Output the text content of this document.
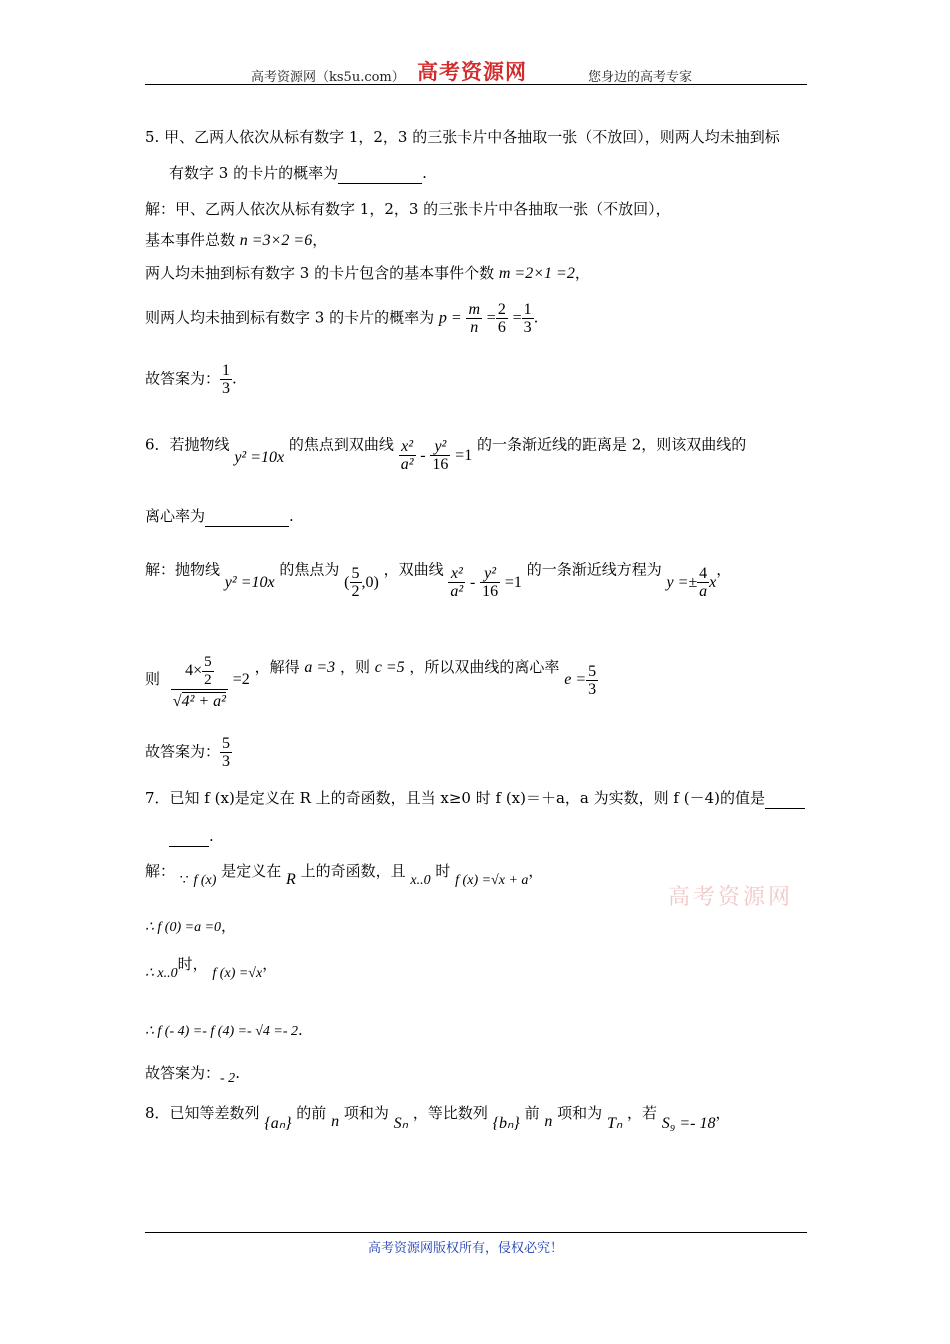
高考资源网（ks5u.com） 高考资源网	您身边的高考专家
5. 甲、乙两人依次从标有数字 1，2，3 的三张卡片中各抽取一张（不放回），则两人均未抽到标
有数字 3 的卡片的概率为	.
解：甲、乙两人依次从标有数字 1，2，3 的三张卡片中各抽取一张（不放回），
基本事件总数 n =3×2 =6，
两人均未抽到标有数字 3 的卡片包含的基本事件个数 m =2×1 =2，
则两人均未抽到标有数字 3 的卡片的概率为 $p = \frac{m}{n} = \frac{2}{6} = \frac{1}{3}$ .
故答案为： $\frac{1}{3}$ .
6．若抛物线 y² =10x 的焦点到双曲线 $\frac{\text{x²}}{\text{a²}} - \frac{\text{y²}}{16} =1$ 的一条渐近线的距离是 2，则该双曲线的
离心率为	.
解：抛物线 y² =10x 的焦点为 ( $\frac{5}{2} ,0$) ，双曲线 $\frac{\text{x²}}{\text{a²}} - \frac{\text{y²}}{16} =1$ 的一条渐近线方程为 $y =\pm \frac{4}{a}$ x，
则 $\frac{4\times \frac{5}{2}}{\text{√4² + a²}} =2$ ，解得 a =3 ，则 c =5 ，所以双曲线的离心率 $e = \frac{5}{3}$
故答案为： $\frac{5}{3}$
7．已知 f (x)是定义在 R 上的奇函数，且当 x≥0 时 f (x)＝＋a，a 为实数，则 f (－4)的值是
.
解： ∵ f (x) 是定义在 R 上的奇函数，且 x..0 时 f (x) =√x + a，
高考资源网
∴ f (0) =a =0，
∴ x..0时， f (x) =√x，
∴ f (- 4) =- f (4) =- √4 =- 2.
故答案为：- 2.
8．已知等差数列 {aₙ} 的前 n 项和为 Sₙ ，等比数列 {bₙ} 前 n 项和为 Tₙ ，若 S₉ =- 18，
高考资源网版权所有，侵权必究！
